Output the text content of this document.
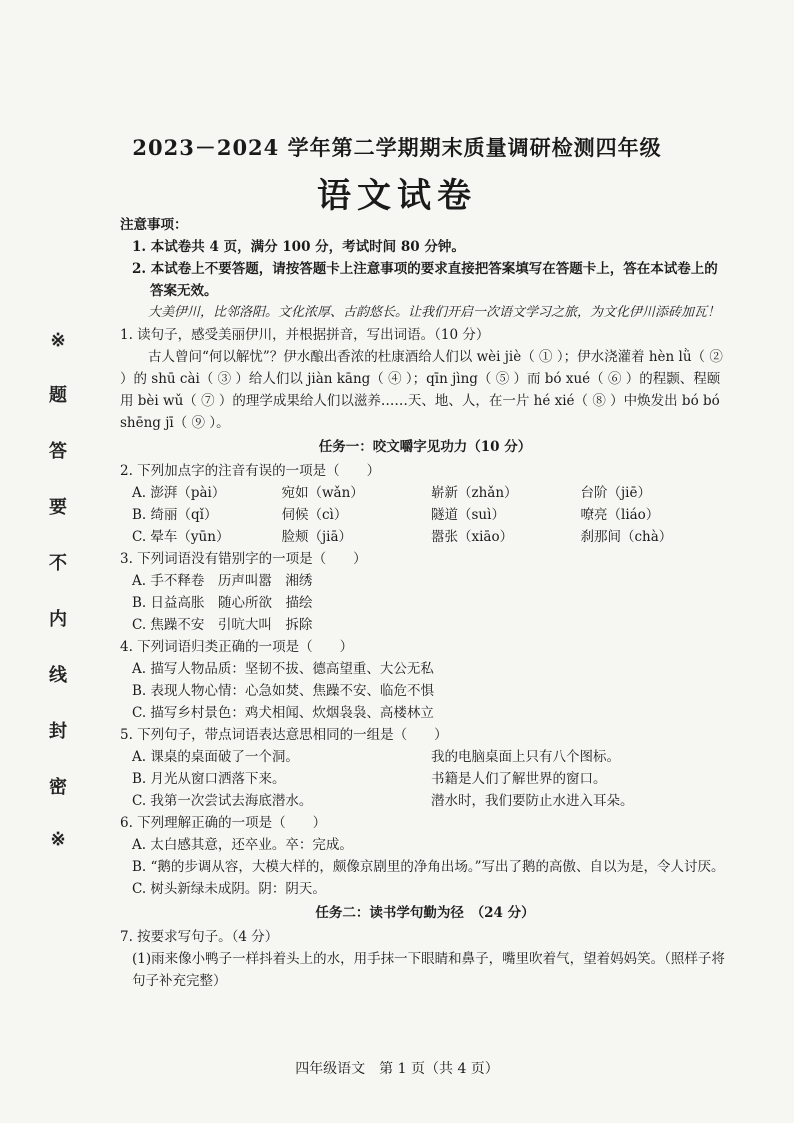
※
题
答
要
不
内
线
封
密
※
2023－2024 学年第二学期期末质量调研检测四年级
语文试卷
注意事项：
1. 本试卷共 4 页，满分 100 分，考试时间 80 分钟。
2. 本试卷上不要答题，请按答题卡上注意事项的要求直接把答案填写在答题卡上，答在本试卷上的答案无效。
大美伊川，比邻洛阳。文化浓厚、古韵悠长。让我们开启一次语文学习之旅，为文化伊川添砖加瓦！
1. 读句子，感受美丽伊川，并根据拼音，写出词语。（10 分）
古人曾问“何以解忧”？伊水酿出香浓的杜康酒给人们以 wèi jiè（ ① ）；伊水浇灌着 hèn lǜ（ ② ）的 shū cài（ ③ ）给人们以 jiàn kāng（ ④ ）；qīn jìng（ ⑤ ）而 bó xué（ ⑥ ）的程颢、程颐用 bèi wǔ（ ⑦ ）的理学成果给人们以滋养……天、地、人，在一片 hé xié（ ⑧ ）中焕发出 bó bó shēng jī（ ⑨ ）。
任务一：咬文嚼字见功力（10 分）
2. 下列加点字的注音有误的一项是（　　）
A. 澎湃（pài）	宛如（wǎn）	崭新（zhǎn）	台阶（jiē）
B. 绮丽（qǐ）	伺候（cì）	隧道（suì）	嘹亮（liáo）
C. 晕车（yūn）	脸颊（jiā）	嚣张（xiāo）	刹那间（chà）
3. 下列词语没有错别字的一项是（　　）
A. 手不释卷　历声叫嚣　湘绣
B. 日益高胀　随心所欲　描绘
C. 焦躁不安　引吭大叫　拆除
4. 下列词语归类正确的一项是（　　）
A. 描写人物品质：坚韧不拔、德高望重、大公无私
B. 表现人物心情：心急如焚、焦躁不安、临危不惧
C. 描写乡村景色：鸡犬相闻、炊烟袅袅、高楼林立
5. 下列句子，带点词语表达意思相同的一组是（　　）
A. 课桌的桌面破了一个洞。	我的电脑桌面上只有八个图标。
B. 月光从窗口洒落下来。	书籍是人们了解世界的窗口。
C. 我第一次尝试去海底潜水。	潜水时，我们要防止水进入耳朵。
6. 下列理解正确的一项是（　　）
A. 太白感其意，还卒业。卒：完成。
B. “鹅的步调从容，大模大样的，颇像京剧里的净角出场。”写出了鹅的高傲、自以为是，令人讨厌。
C. 树头新绿未成阴。阴：阴天。
任务二：读书学句勤为径　（24 分）
7. 按要求写句子。（4 分）
(1)雨来像小鸭子一样抖着头上的水，用手抹一下眼睛和鼻子，嘴里吹着气，望着妈妈笑。（照样子将句子补充完整）
四年级语文　第 1 页（共 4 页）
